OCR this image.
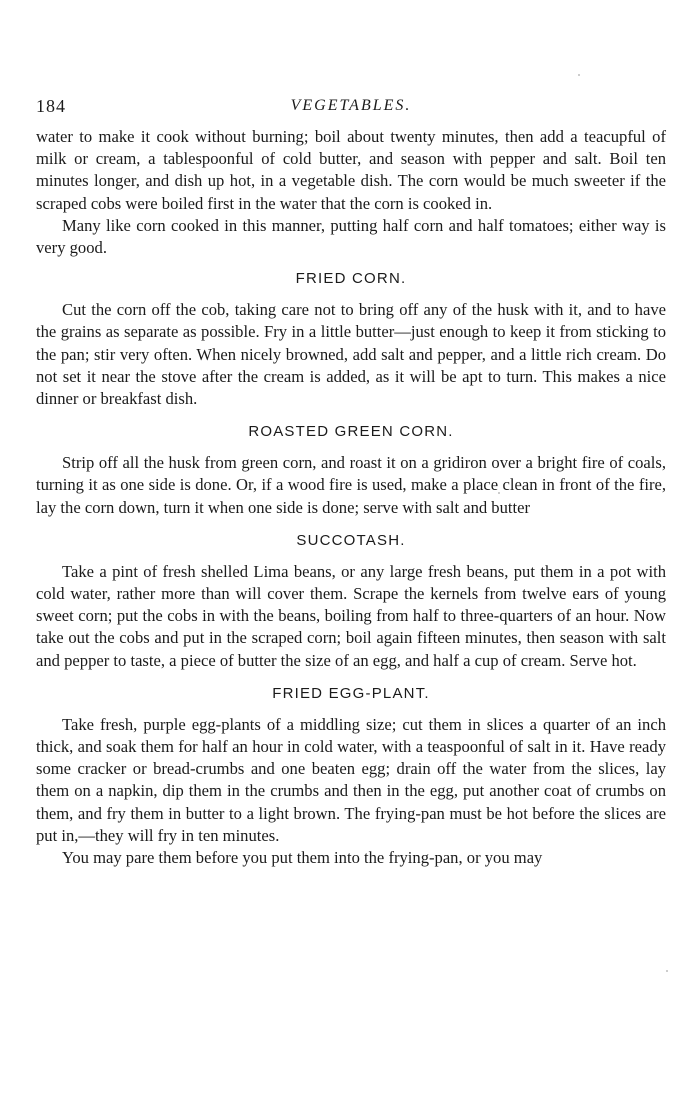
184	VEGETABLES.

water to make it cook without burning; boil about twenty minutes, then add a teacupful of milk or cream, a tablespoonful of cold butter, and season with pepper and salt. Boil ten minutes longer, and dish up hot, in a vegetable dish. The corn would be much sweeter if the scraped cobs were boiled first in the water that the corn is cooked in.

Many like corn cooked in this manner, putting half corn and half tomatoes; either way is very good.

FRIED CORN.

Cut the corn off the cob, taking care not to bring off any of the husk with it, and to have the grains as separate as possible. Fry in a little butter—just enough to keep it from sticking to the pan; stir very often. When nicely browned, add salt and pepper, and a little rich cream. Do not set it near the stove after the cream is added, as it will be apt to turn. This makes a nice dinner or breakfast dish.

ROASTED GREEN CORN.

Strip off all the husk from green corn, and roast it on a gridiron over a bright fire of coals, turning it as one side is done. Or, if a wood fire is used, make a place clean in front of the fire, lay the corn down, turn it when one side is done; serve with salt and butter

SUCCOTASH.

Take a pint of fresh shelled Lima beans, or any large fresh beans, put them in a pot with cold water, rather more than will cover them. Scrape the kernels from twelve ears of young sweet corn; put the cobs in with the beans, boiling from half to three-quarters of an hour. Now take out the cobs and put in the scraped corn; boil again fifteen minutes, then season with salt and pepper to taste, a piece of butter the size of an egg, and half a cup of cream. Serve hot.

FRIED EGG-PLANT.

Take fresh, purple egg-plants of a middling size; cut them in slices a quarter of an inch thick, and soak them for half an hour in cold water, with a teaspoonful of salt in it. Have ready some cracker or bread-crumbs and one beaten egg; drain off the water from the slices, lay them on a napkin, dip them in the crumbs and then in the egg, put another coat of crumbs on them, and fry them in butter to a light brown. The frying-pan must be hot before the slices are put in,—they will fry in ten minutes.

You may pare them before you put them into the frying-pan, or you may
